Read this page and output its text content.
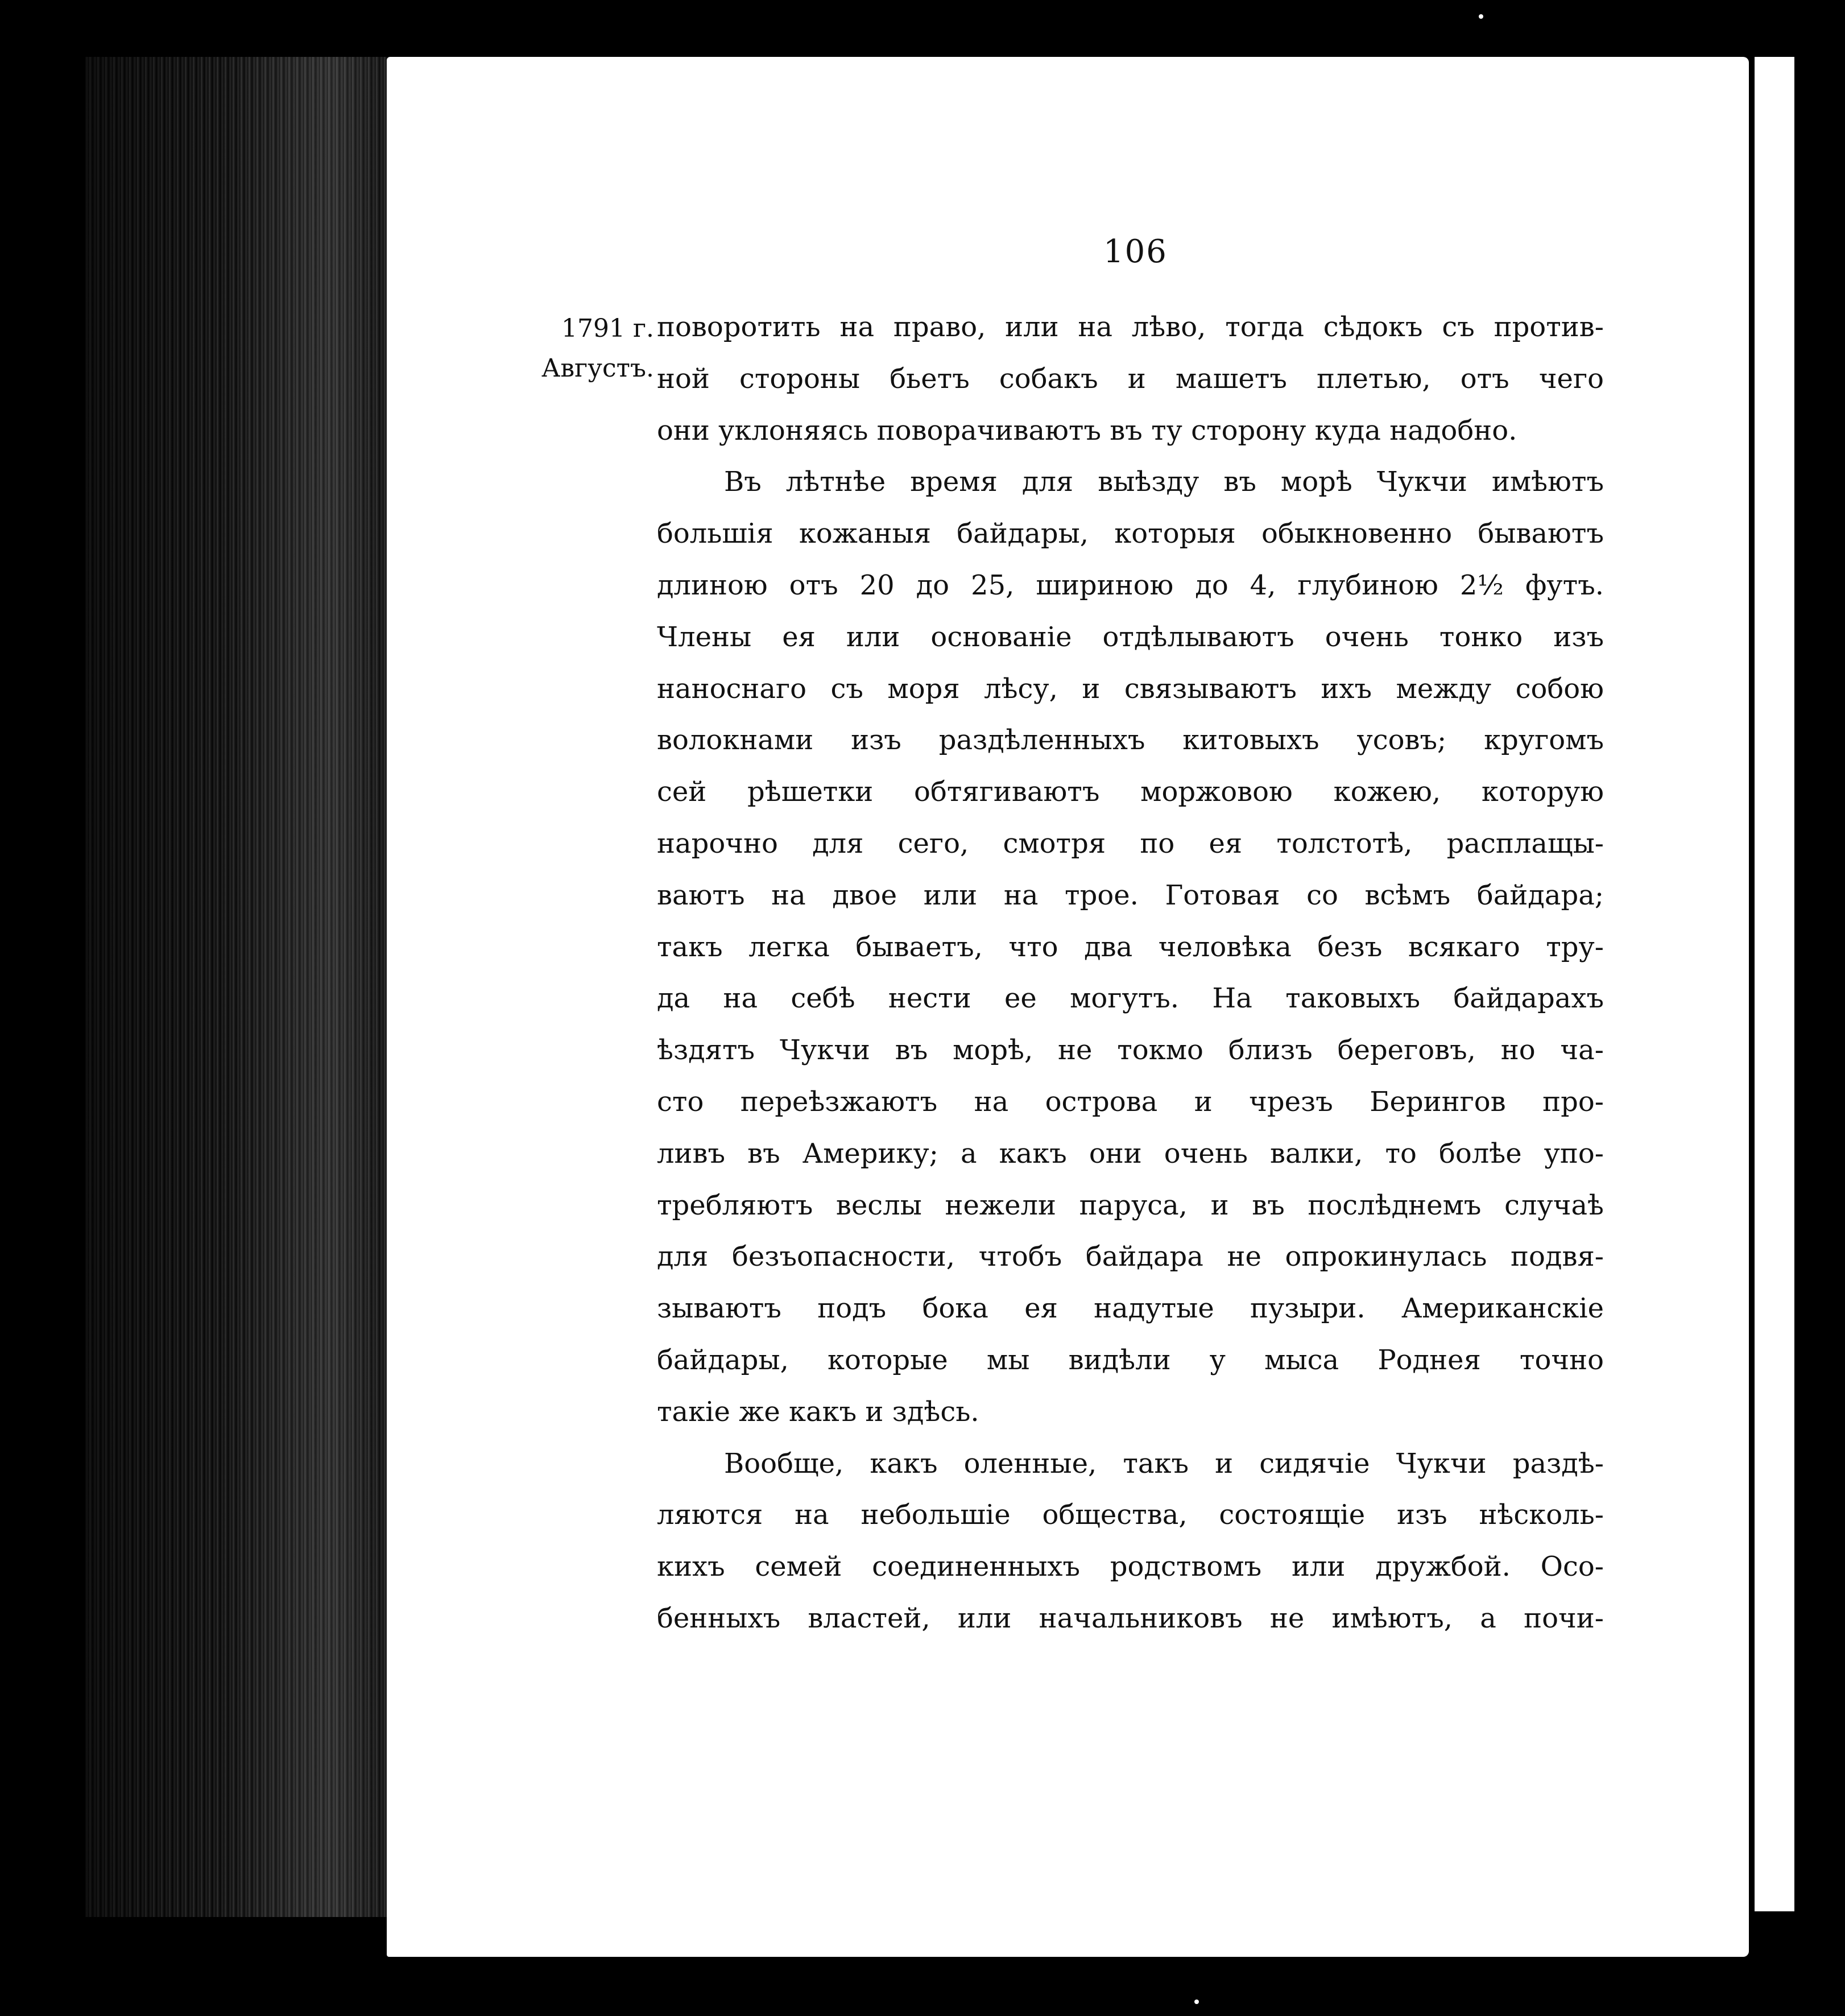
106
1791 г.
Августъ.
поворотить на право, или на лѣво, тогда сѣдокъ съ против-
ной стороны бьетъ собакъ и машетъ плетью, отъ чего
они уклоняясь поворачиваютъ въ ту сторону куда надобно.
Въ лѣтнѣе время для выѣзду въ морѣ Чукчи имѣютъ
большія кожаныя байдары, которыя обыкновенно бываютъ
длиною отъ 20 до 25, шириною до 4, глубиною 2½ футъ.
Члены ея или основаніе отдѣлываютъ очень тонко изъ
наноснаго съ моря лѣсу, и связываютъ ихъ между собою
волокнами изъ раздѣленныхъ китовыхъ усовъ; кругомъ
сей рѣшетки обтягиваютъ моржовою кожею, которую
нарочно для сего, смотря по ея толстотѣ, расплащы-
ваютъ на двое или на трое. Готовая со всѣмъ байдара;
такъ легка бываетъ, что два человѣка безъ всякаго тру-
да на себѣ нести ее могутъ. На таковыхъ байдарахъ
ѣздятъ Чукчи въ морѣ, не токмо близъ береговъ, но ча-
сто переѣзжаютъ на острова и чрезъ Берингов про-
ливъ въ Америку; а какъ они очень валки, то болѣе упо-
требляютъ веслы нежели паруса, и въ послѣднемъ случаѣ
для безъопасности, чтобъ байдара не опрокинулась подвя-
зываютъ подъ бока ея надутые пузыри. Американскіе
байдары, которые мы видѣли у мыса Роднея точно
такіе же какъ и здѣсь.
Вообще, какъ оленные, такъ и сидячіе Чукчи раздѣ-
ляются на небольшіе общества, состоящіе изъ нѣсколь-
кихъ семей соединенныхъ родствомъ или дружбой. Осо-
бенныхъ властей, или начальниковъ не имѣютъ, а почи-
